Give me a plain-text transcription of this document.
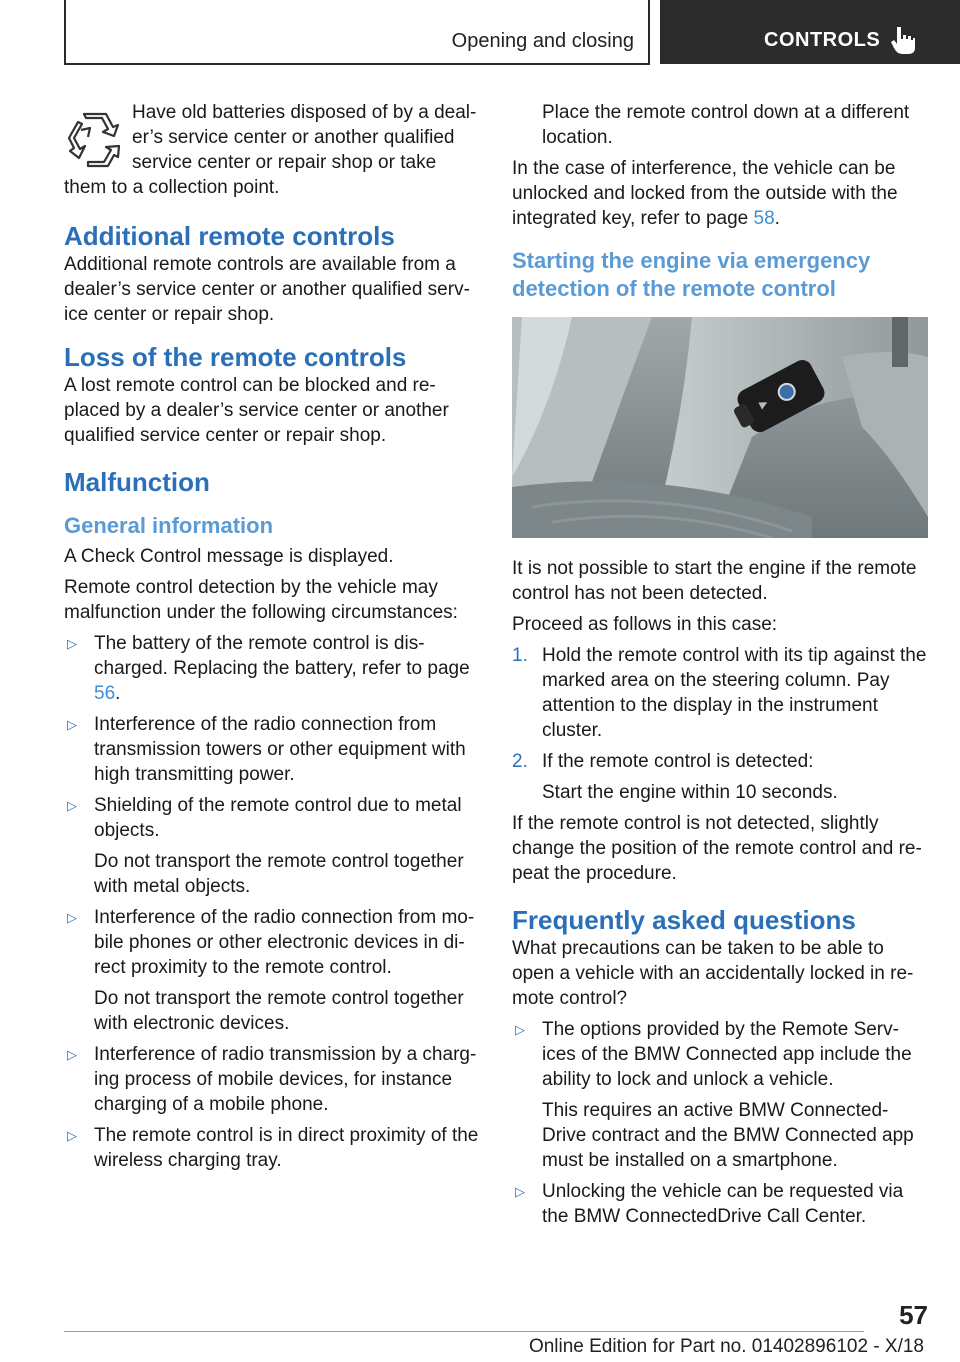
Opening and closing	CONTROLS

Have old batteries disposed of by a deal‐er’s service center or another qualified service center or repair shop or take them to a collection point.

Additional remote controls

Additional remote controls are available from a dealer’s service center or another qualified serv‐ice center or repair shop.

Loss of the remote controls

A lost remote control can be blocked and re‐placed by a dealer’s service center or another qualified service center or repair shop.

Malfunction
General information

A Check Control message is displayed.

Remote control detection by the vehicle may malfunction under the following circumstances:

▷ The battery of the remote control is dis‐charged. Replacing the battery, refer to page 56.
▷ Interference of the radio connection from transmission towers or other equipment with high transmitting power.
▷ Shielding of the remote control due to metal objects.
Do not transport the remote control together with metal objects.
▷ Interference of the radio connection from mo‐bile phones or other electronic devices in di‐rect proximity to the remote control.
Do not transport the remote control together with electronic devices.
▷ Interference of radio transmission by a charg‐ing process of mobile devices, for instance charging of a mobile phone.
▷ The remote control is in direct proximity of the wireless charging tray.

Place the remote control down at a different location.

In the case of interference, the vehicle can be unlocked and locked from the outside with the integrated key, refer to page 58.

Starting the engine via emergency detection of the remote control

It is not possible to start the engine if the remote control has not been detected.

Proceed as follows in this case:

1. Hold the remote control with its tip against the marked area on the steering column. Pay attention to the display in the instrument cluster.
2. If the remote control is detected:
Start the engine within 10 seconds.

If the remote control is not detected, slightly change the position of the remote control and re‐peat the procedure.

Frequently asked questions

What precautions can be taken to be able to open a vehicle with an accidentally locked in re‐mote control?

▷ The options provided by the Remote Serv‐ices of the BMW Connected app include the ability to lock and unlock a vehicle.
This requires an active BMW Connected‐Drive contract and the BMW Connected app must be installed on a smartphone.
▷ Unlocking the vehicle can be requested via the BMW ConnectedDrive Call Center.
57
Online Edition for Part no. 01402896102 - X/18
